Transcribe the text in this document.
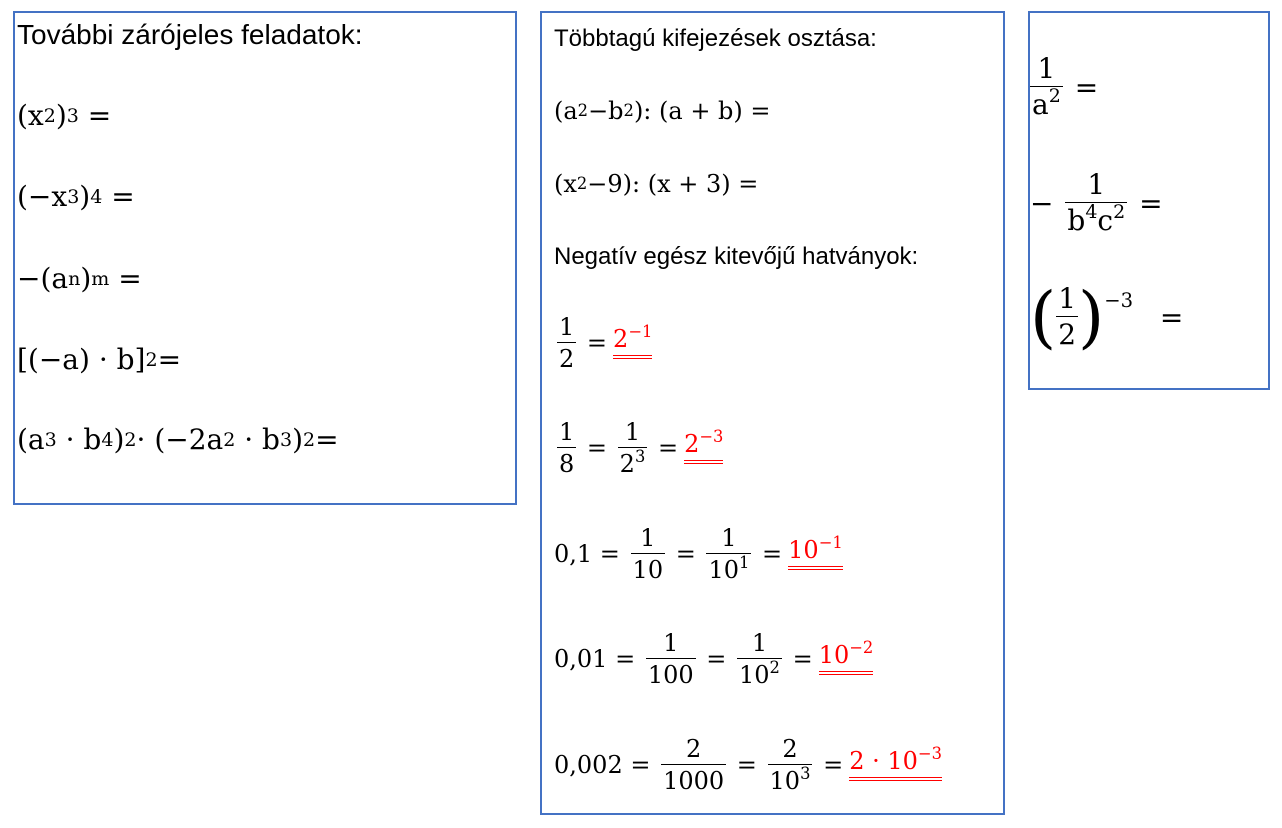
További zárójeles feladatok:
(x 2 ) 3 =
(−x 3 ) 4 =
−(a n ) m =
[(−a) · b] 2 =
(a 3 · b 4 ) 2 · (−2a 2 · b 3 ) 2 =
Többtagú kifejezések osztása:
(a 2 −b 2 ): (a + b) =
(x 2 −9): (x + 3) =
Negatív egész kitevőjű hatványok:
$\frac{1}{2} = 2^{-1}$
$\frac{1}{8} = \frac{1}{2^3} = 2^{-3}$
$0,1 = \frac{1}{10} = \frac{1}{10^1} = 10^{-1}$
$0,01 = \frac{1}{100} = \frac{1}{10^2} = 10^{-2}$
$0,002 = \frac{2}{1000} = \frac{2}{10^3} = 2 \cdot 10^{-3}$
$\frac{1}{a^2}$ =
− $\frac{1}{b^4c^2}$ =
( $\frac{1}{2}$ ) −3 =
